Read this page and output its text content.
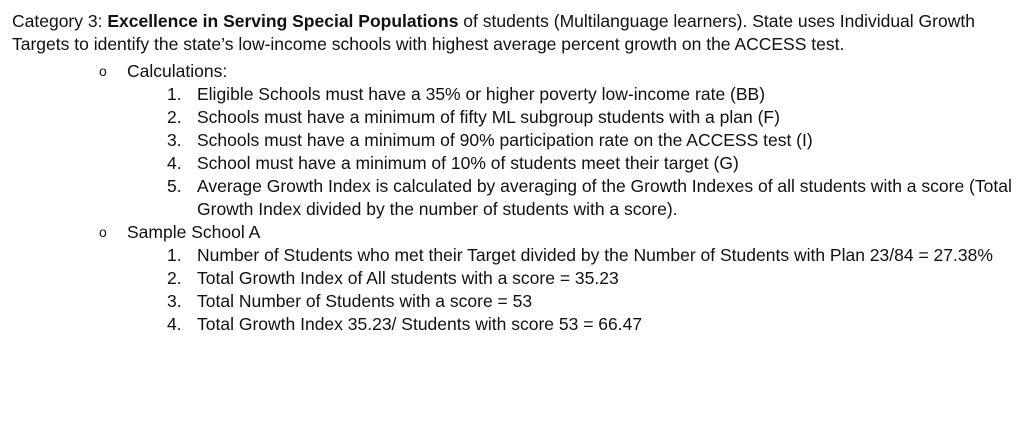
Category 3: Excellence in Serving Special Populations of students (Multilanguage learners). State uses Individual Growth Targets to identify the state’s low-income schools with highest average percent growth on the ACCESS test.

o Calculations:
1. Eligible Schools must have a 35% or higher poverty low-income rate (BB)
2. Schools must have a minimum of fifty ML subgroup students with a plan (F)
3. Schools must have a minimum of 90% participation rate on the ACCESS test (I)
4. School must have a minimum of 10% of students meet their target (G)
5. Average Growth Index is calculated by averaging of the Growth Indexes of all students with a score (Total Growth Index divided by the number of students with a score).
o Sample School A
1. Number of Students who met their Target divided by the Number of Students with Plan 23/84 = 27.38%
2. Total Growth Index of All students with a score = 35.23
3. Total Number of Students with a score = 53
4. Total Growth Index 35.23/ Students with score 53 = 66.47
